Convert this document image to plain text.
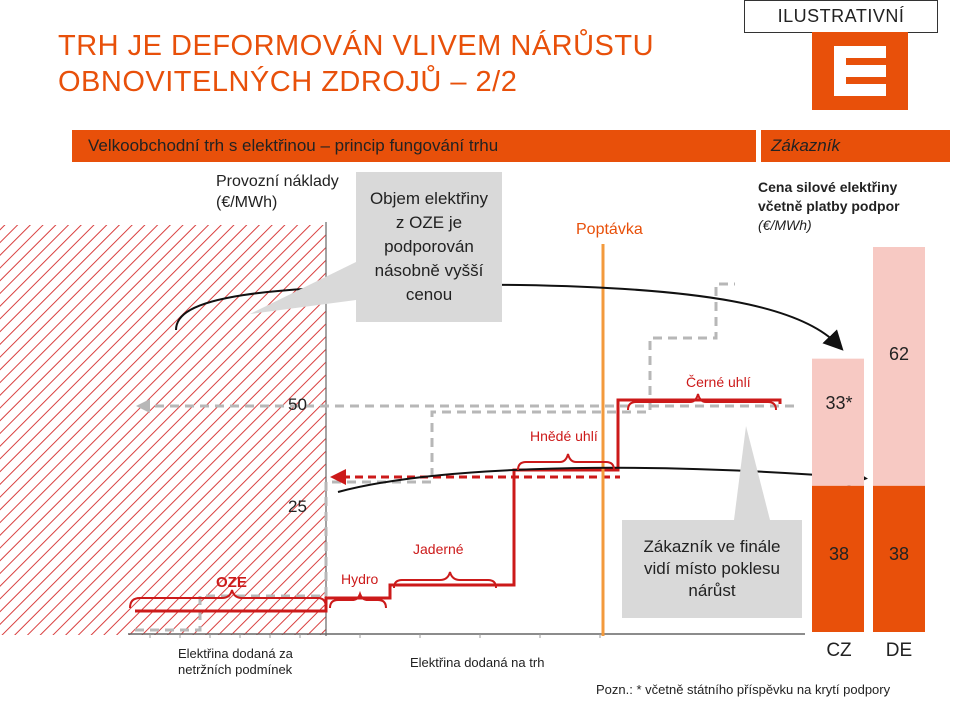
TRH JE DEFORMOVÁN VLIVEM NÁRŮSTU
OBNOVITELNÝCH ZDROJŮ – 2/2
ILUSTRATIVNÍ
Velkoobchodní trh s elektřinou – princip fungování trhu	Zákazník
Provozní náklady
(€/MWh)	Objem elektřiny
z OZE je
podporován
násobně vyšší
cenou
Zákazník ve finále
vidí místo poklesu
nárůst
50
25
Poptávka
OZE	Hydro
Jaderné
Hnědé uhlí
Černé uhlí
Cena silové elektřiny
včetně platby podpor
(€/MWh)
33*
62
38	38
CZ	DE
Elektřina dodaná za
netržních podmínek	Elektřina dodaná na trh
Pozn.: * včetně státního příspěvku na krytí podpory
